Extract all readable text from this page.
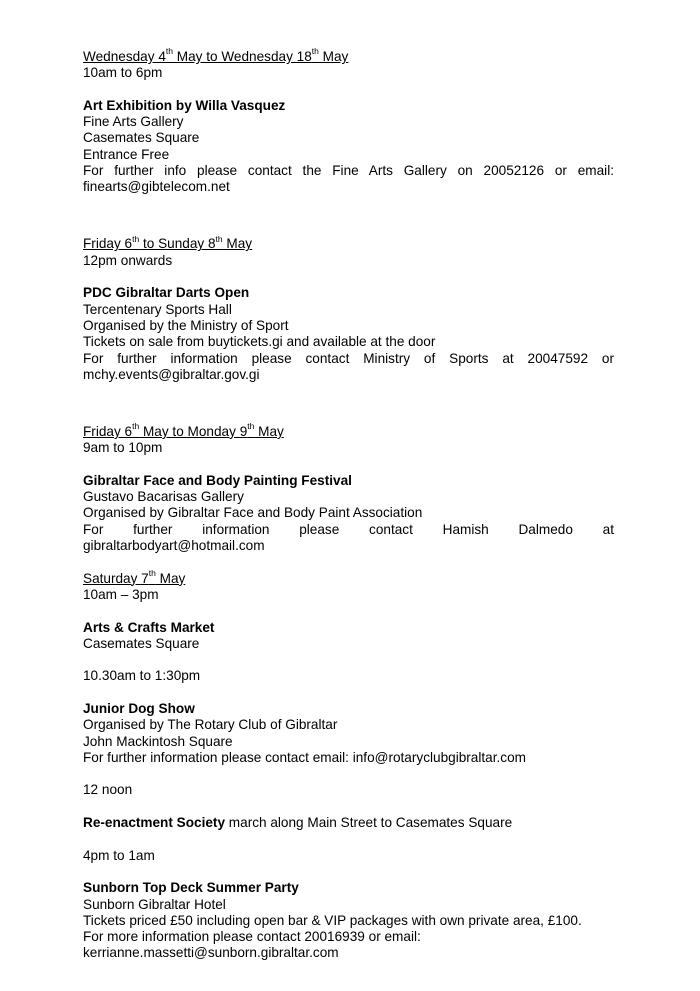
Wednesday 4th May to Wednesday 18th May
10am to 6pm
Art Exhibition by Willa Vasquez
Fine Arts Gallery
Casemates Square
Entrance Free
For further info please contact the Fine Arts Gallery on 20052126 or email:
finearts@gibtelecom.net
Friday 6th to Sunday 8th May
12pm onwards
PDC Gibraltar Darts Open
Tercentenary Sports Hall
Organised by the Ministry of Sport
Tickets on sale from buytickets.gi and available at the door
For further information please contact Ministry of Sports at 20047592 or
mchy.events@gibraltar.gov.gi
Friday 6th May to Monday 9th May
9am to 10pm
Gibraltar Face and Body Painting Festival
Gustavo Bacarisas Gallery
Organised by Gibraltar Face and Body Paint Association
For further information please contact Hamish Dalmedo at
gibraltarbodyart@hotmail.com
Saturday 7th May
10am – 3pm
Arts & Crafts Market
Casemates Square
10.30am to 1:30pm
Junior Dog Show
Organised by The Rotary Club of Gibraltar
John Mackintosh Square
For further information please contact email: info@rotaryclubgibraltar.com
12 noon
Re-enactment Society march along Main Street to Casemates Square
4pm to 1am
Sunborn Top Deck Summer Party
Sunborn Gibraltar Hotel
Tickets priced £50 including open bar & VIP packages with own private area, £100.
For more information please contact 20016939 or email:
kerrianne.massetti@sunborn.gibraltar.com
